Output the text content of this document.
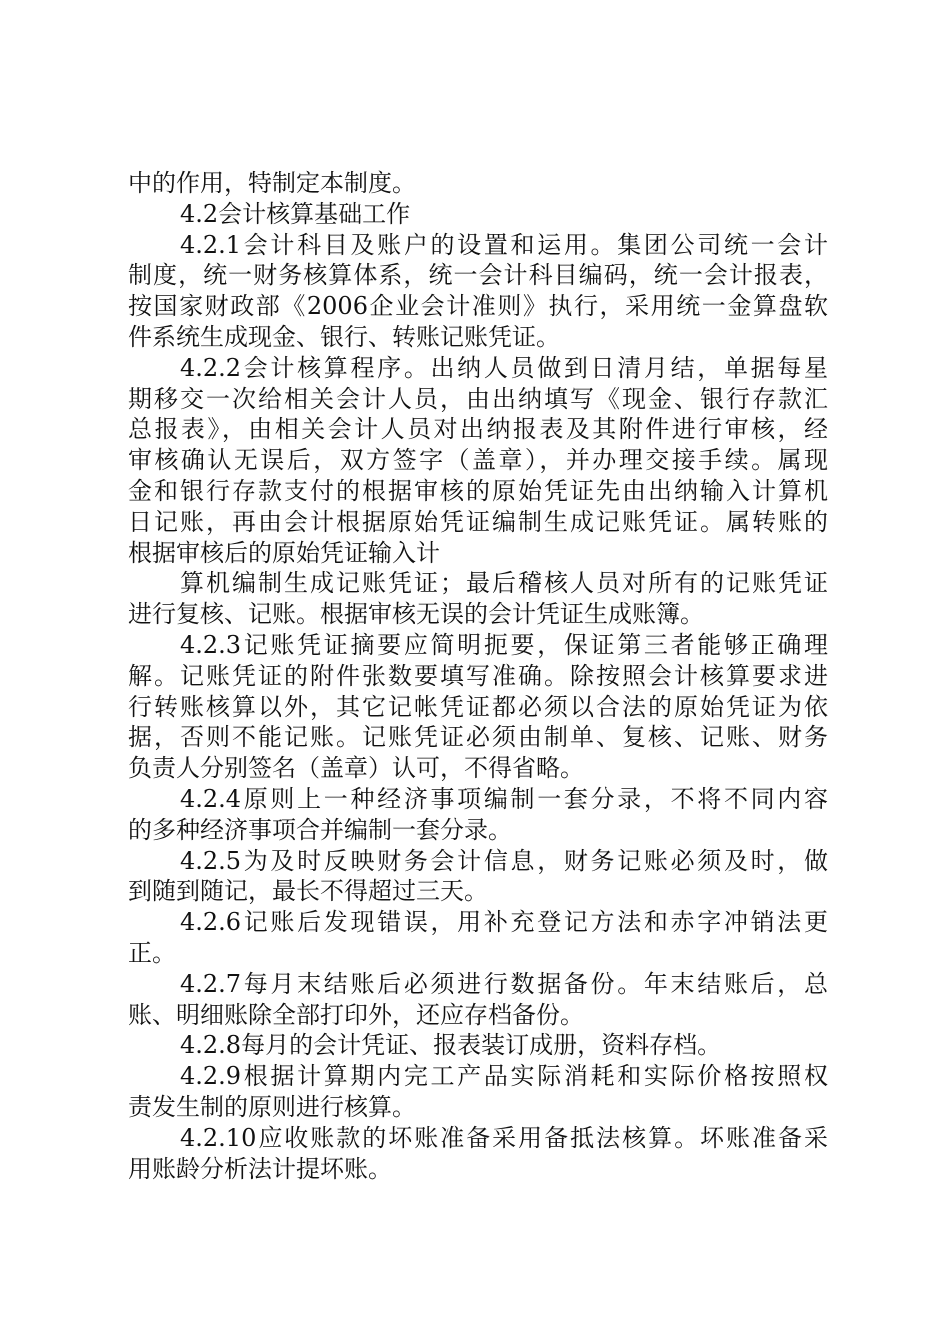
中的作用，特制定本制度。
4.2会计核算基础工作
4.2.1会计科目及账户的设置和运用。集团公司统一会计
制度，统一财务核算体系，统一会计科目编码，统一会计报表，
按国家财政部《2006企业会计准则》执行，采用统一金算盘软
件系统生成现金、银行、转账记账凭证。
4.2.2会计核算程序。出纳人员做到日清月结，单据每星
期移交一次给相关会计人员，由出纳填写《现金、银行存款汇
总报表》，由相关会计人员对出纳报表及其附件进行审核，经
审核确认无误后，双方签字（盖章），并办理交接手续。属现
金和银行存款支付的根据审核的原始凭证先由出纳输入计算机
日记账，再由会计根据原始凭证编制生成记账凭证。属转账的
根据审核后的原始凭证输入计
算机编制生成记账凭证；最后稽核人员对所有的记账凭证
进行复核、记账。根据审核无误的会计凭证生成账簿。
4.2.3记账凭证摘要应简明扼要，保证第三者能够正确理
解。记账凭证的附件张数要填写准确。除按照会计核算要求进
行转账核算以外，其它记帐凭证都必须以合法的原始凭证为依
据，否则不能记账。记账凭证必须由制单、复核、记账、财务
负责人分别签名（盖章）认可，不得省略。
4.2.4原则上一种经济事项编制一套分录，不将不同内容
的多种经济事项合并编制一套分录。
4.2.5为及时反映财务会计信息，财务记账必须及时，做
到随到随记，最长不得超过三天。
4.2.6记账后发现错误，用补充登记方法和赤字冲销法更
正。
4.2.7每月末结账后必须进行数据备份。年末结账后，总
账、明细账除全部打印外，还应存档备份。
4.2.8每月的会计凭证、报表装订成册，资料存档。
4.2.9根据计算期内完工产品实际消耗和实际价格按照权
责发生制的原则进行核算。
4.2.10应收账款的坏账准备采用备抵法核算。坏账准备采
用账龄分析法计提坏账。
